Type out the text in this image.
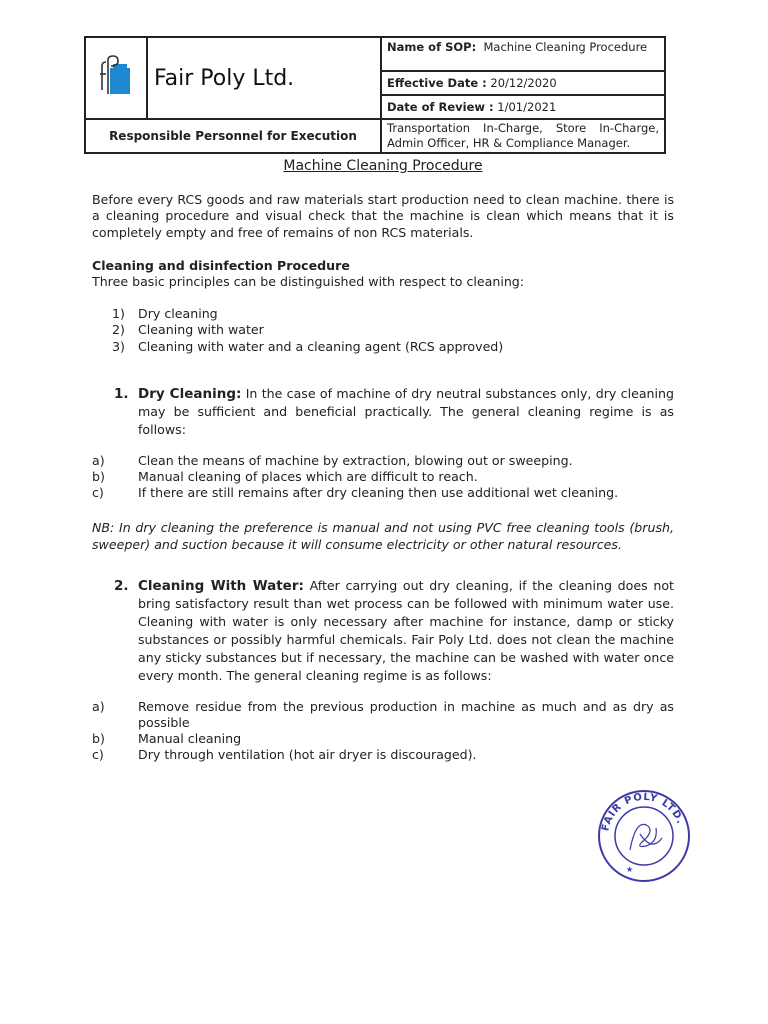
	Fair Poly Ltd.	Name of SOP: Machine Cleaning Procedure
		Effective Date : 20/12/2020
		Date of Review : 1/01/2021
Responsible Personnel for Execution		Transportation In-Charge, Store In-Charge, Admin Officer, HR & Compliance Manager.
Machine Cleaning Procedure

Before every RCS goods and raw materials start production need to clean machine. there is a cleaning procedure and visual check that the machine is clean which means that it is completely empty and free of remains of non RCS materials.

Cleaning and disinfection Procedure

Three basic principles can be distinguished with respect to cleaning:

1) Dry cleaning
2) Cleaning with water
3) Cleaning with water and a cleaning agent (RCS approved)
1. Dry Cleaning: In the case of machine of dry neutral substances only, dry cleaning may be sufficient and beneficial practically. The general cleaning regime is as follows:
a)	Clean the means of machine by extraction, blowing out or sweeping.
b)	Manual cleaning of places which are difficult to reach.
c)	If there are still remains after dry cleaning then use additional wet cleaning.

NB: In dry cleaning the preference is manual and not using PVC free cleaning tools (brush, sweeper) and suction because it will consume electricity or other natural resources.

2. Cleaning With Water: After carrying out dry cleaning, if the cleaning does not bring satisfactory result than wet process can be followed with minimum water use. Cleaning with water is only necessary after machine for instance, damp or sticky substances or possibly harmful chemicals. Fair Poly Ltd. does not clean the machine any sticky substances but if necessary, the machine can be washed with water once every month. The general cleaning regime is as follows:
a)	Remove residue from the previous production in machine as much and as dry as possible
b)	Manual cleaning
c)	Dry through ventilation (hot air dryer is discouraged).
FAIR POLY LTD.
★
